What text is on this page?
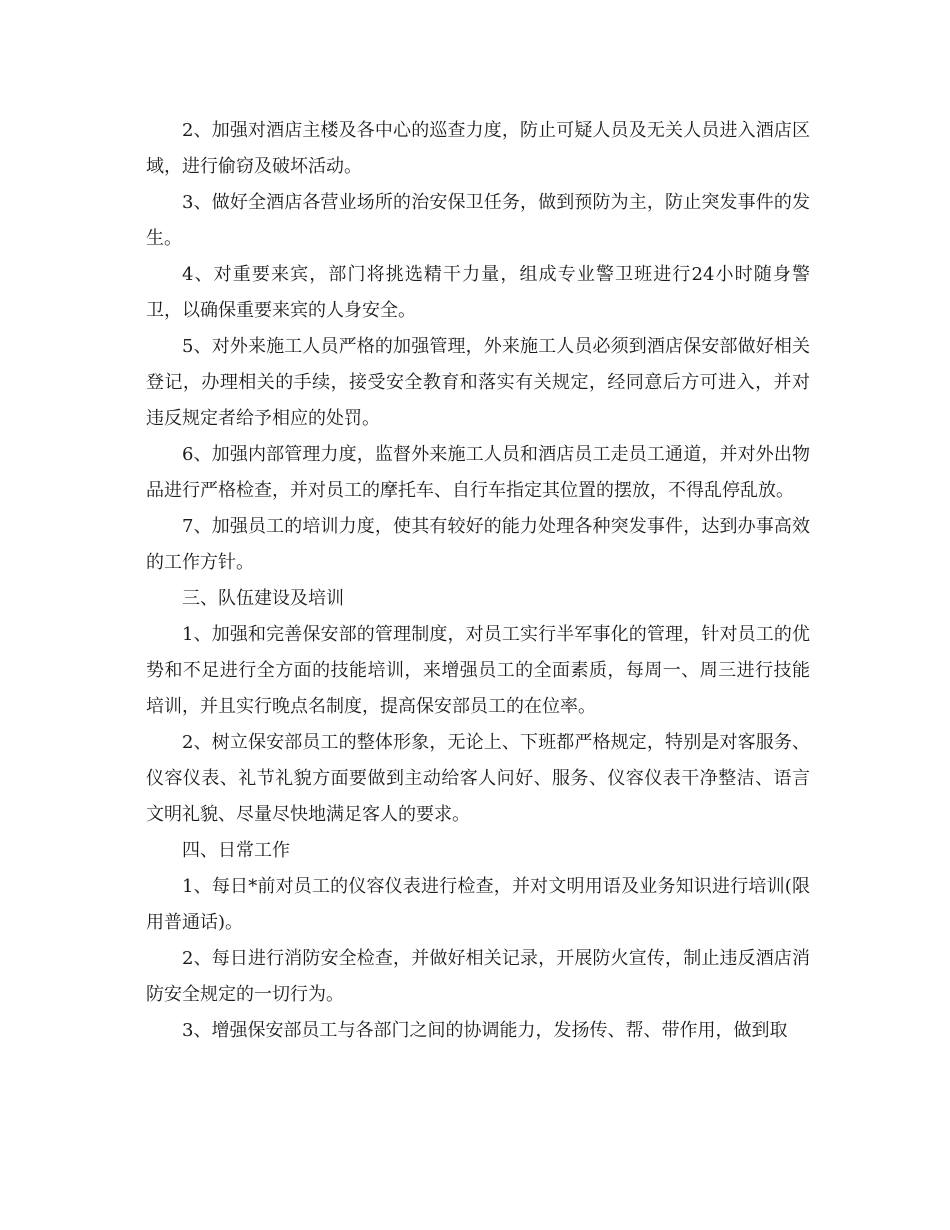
2、加强对酒店主楼及各中心的巡查力度，防止可疑人员及无关人员进入酒店区域，进行偷窃及破坏活动。

3、做好全酒店各营业场所的治安保卫任务，做到预防为主，防止突发事件的发生。

4、对重要来宾，部门将挑选精干力量，组成专业警卫班进行24小时随身警卫，以确保重要来宾的人身安全。

5、对外来施工人员严格的加强管理，外来施工人员必须到酒店保安部做好相关登记，办理相关的手续，接受安全教育和落实有关规定，经同意后方可进入，并对违反规定者给予相应的处罚。

6、加强内部管理力度，监督外来施工人员和酒店员工走员工通道，并对外出物品进行严格检查，并对员工的摩托车、自行车指定其位置的摆放，不得乱停乱放。

7、加强员工的培训力度，使其有较好的能力处理各种突发事件，达到办事高效的工作方针。

三、队伍建设及培训

1、加强和完善保安部的管理制度，对员工实行半军事化的管理，针对员工的优势和不足进行全方面的技能培训，来增强员工的全面素质，每周一、周三进行技能培训，并且实行晚点名制度，提高保安部员工的在位率。

2、树立保安部员工的整体形象，无论上、下班都严格规定，特别是对客服务、仪容仪表、礼节礼貌方面要做到主动给客人问好、服务、仪容仪表干净整洁、语言文明礼貌、尽量尽快地满足客人的要求。

四、日常工作

1、每日*前对员工的仪容仪表进行检查，并对文明用语及业务知识进行培训(限用普通话)。

2、每日进行消防安全检查，并做好相关记录，开展防火宣传，制止违反酒店消防安全规定的一切行为。

3、增强保安部员工与各部门之间的协调能力，发扬传、帮、带作用，做到取
